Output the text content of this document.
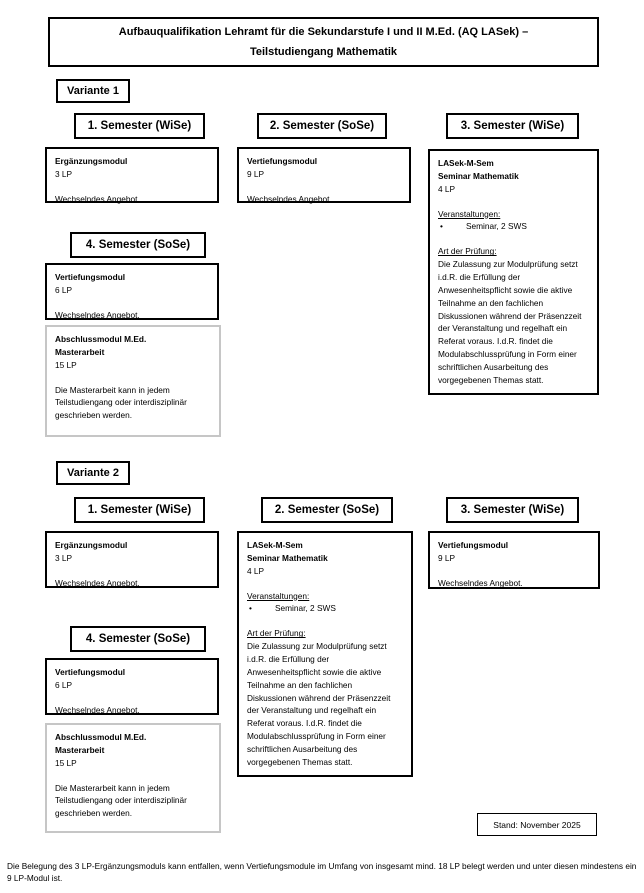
Aufbauqualifikation Lehramt für die Sekundarstufe I und II M.Ed. (AQ LASek) –
Teilstudiengang Mathematik
Variante 1
1. Semester (WiSe)	2. Semester (SoSe)	3. Semester (WiSe)
Ergänzungsmodul
3 LP
Wechselndes Angebot.
Vertiefungsmodul
9 LP
Wechselndes Angebot.
LASek-M-Sem
Seminar Mathematik
4 LP
Veranstaltungen:
•	Seminar, 2 SWS
Art der Prüfung:
Die Zulassung zur Modulprüfung setzt i.d.R. die Erfüllung der Anwesenheitspflicht sowie die aktive Teilnahme an den fachlichen Diskussionen während der Präsenzzeit der Veranstaltung und regelhaft ein Referat voraus. I.d.R. findet die Modulabschlussprüfung in Form einer schriftlichen Ausarbeitung des vorgegebenen Themas statt.
4. Semester (SoSe)
Vertiefungsmodul
6 LP
Wechselndes Angebot.
Abschlussmodul M.Ed.
Masterarbeit
15 LP
Die Masterarbeit kann in jedem Teilstudiengang oder interdisziplinär geschrieben werden.
Variante 2
1. Semester (WiSe)	2. Semester (SoSe)	3. Semester (WiSe)
Ergänzungsmodul
3 LP
Wechselndes Angebot.
LASek-M-Sem
Seminar Mathematik
4 LP
Veranstaltungen:
•	Seminar, 2 SWS
Art der Prüfung:
Die Zulassung zur Modulprüfung setzt i.d.R. die Erfüllung der Anwesenheitspflicht sowie die aktive Teilnahme an den fachlichen Diskussionen während der Präsenzzeit der Veranstaltung und regelhaft ein Referat voraus. I.d.R. findet die Modulabschlussprüfung in Form einer schriftlichen Ausarbeitung des vorgegebenen Themas statt.
Vertiefungsmodul
9 LP
Wechselndes Angebot.
4. Semester (SoSe)
Vertiefungsmodul
6 LP
Wechselndes Angebot.
Abschlussmodul M.Ed.
Masterarbeit
15 LP
Die Masterarbeit kann in jedem Teilstudiengang oder interdisziplinär geschrieben werden.
Stand: November 2025
Die Belegung des 3 LP-Ergänzungsmoduls kann entfallen, wenn Vertiefungsmodule im Umfang von insgesamt mind. 18 LP belegt werden und unter diesen mindestens ein 9 LP-Modul ist.
